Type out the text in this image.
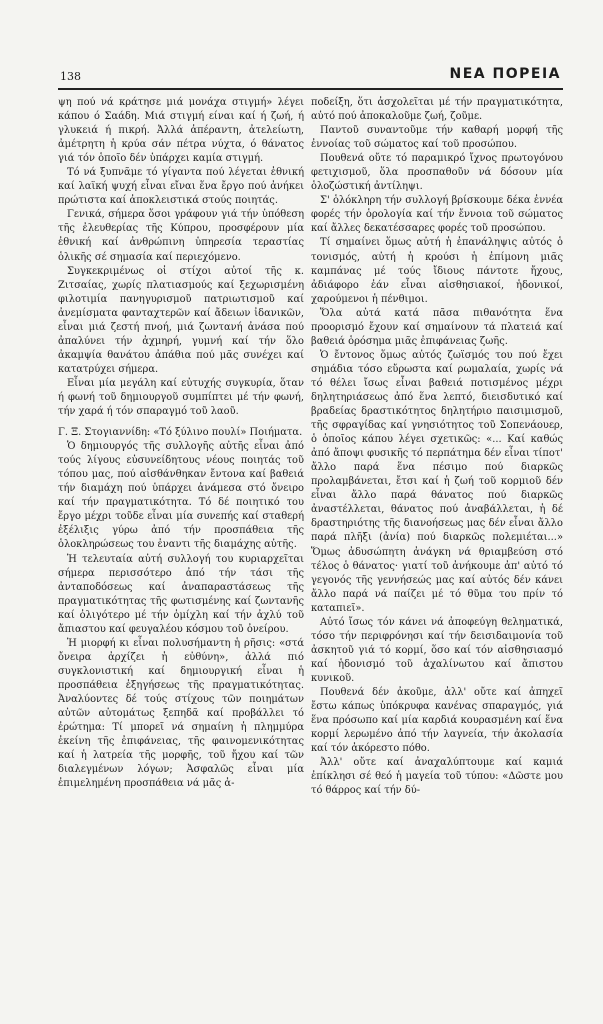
138	ΝΕΑ ΠΟΡΕΙΑ

ψη πού νά κράτησε μιά μονάχα στιγμή» λέγει κάπου ό Σαάδη. Μιά στιγμή είναι καί ή ζωή, ή γλυκειά ή πικρή. Ἀλλά ἀπέραντη, ἀτελείωτη, ἀμέτρητη ἡ κρύα σάν πέτρα νύχτα, ό θάνατος γιά τόν ὁποῖο δέν ὑπάρχει καμία στιγμή.

Τό νά ξυπνᾶμε τό γίγαντα πού λέγεται ἐθνική καί λαϊκή ψυχή εἶναι εἴναι ἕνα ἔργο πού ἀνήκει πρώτιστα καί ἀποκλειστικά στούς ποιητάς.

Γενικά, σήμερα ὅσοι γράφουν γιά τήν ὑπόθεση τῆς ἐλευθερίας τῆς Κύπρου, προσφέρουν μία ἐθνική καί ἀνθρώπινη ὑπηρεσία τεραστίας ὁλικῆς σέ σημασία καί περιεχόμενο.

Συγκεκριμένως οἱ στίχοι αὐτοί τῆς κ. Ζιτσαίας, χωρίς πλατιασμούς καί ξεχωρισμένη φιλοτιμία πανηγυρισμοῦ πατριωτισμοῦ καί ἀνεμίσματα φανταχτερῶν καί ἄδειων ἰδανικῶν, εἶναι μιά ζεστή πνοή, μιά ζωντανή ἀνάσα πού ἀπαλύνει τήν ἀχμηρή, γυμνή καί τήν ὅλο ἀκαμψία θανάτου ἀπάθια πού μᾶς συνέχει καί κατατρύχει σήμερα.

Εἶναι μία μεγάλη καί εὐτυχής συγκυρία, ὅταν ή φωνή τοῦ δημιουργοῦ συμπίπτει μέ τήν φωνή, τήν χαρά ή τόν σπαραγμό τοῦ λαοῦ.

Γ. Ξ. Στογιαννίδη: «Τό ξύλινο πουλί» Ποιήματα.

Ὁ δημιουργός τῆς συλλογῆς αὐτῆς εἶναι ἀπό τούς λίγους εὐσυνείδητους νέους ποιητάς τοῦ τόπου μας, πού αἰσθάνθηκαν ἔντονα καί βαθειά τήν διαμάχη πού ὑπάρχει ἀνάμεσα στό ὄνειρο καί τήν πραγματικότητα. Τό δέ ποιητικό του ἔργο μέχρι τοῦδε εἶναι μία συνεπής καί σταθερή ἐξέλιξις γύρω ἀπό τήν προσπάθεια τῆς ὁλοκληρώσεως του ἐναντι τῆς διαμάχης αὐτῆς.

Ἡ τελευταία αὐτή συλλογή του κυριαρχεῖται σήμερα περισσότερο ἀπό τήν τάσι τῆς ἀνταποδόσεως καί ἀναπαραστάσεως τῆς πραγματικότητας τῆς φωτισμένης καί ζωντανῆς καί ὀλιγότερο μέ τήν ὀμίχλη καί τήν ἀχλύ τοῦ ἄπιαστου καί φευγαλέου κόσμου τοῦ ὀνείρου.

Ἡ μιορφή κι εἶναι πολυσήμαντη ἡ ρῆσις: «στά ὄνειρα ἀρχίζει ἡ εὐθύνη», ἀλλά πιό συγκλονιστική καί δημιουργική εἶναι ἡ προσπάθεια ἐξηγήσεως τῆς πραγματικότητας. Ἀναλύοντες δέ τούς στίχους τῶν ποιημάτων αὐτῶν αὐτομάτως ξεπηδᾶ καί προβάλλει τό ἐρώτημα: Τί μπορεῖ νά σημαίνη ἡ πλημμύρα ἐκείνη τῆς ἐπιφάνειας, τῆς φαινομενικότητας καί ἡ λατρεία τῆς μορφῆς, τοῦ ἤχου καί τῶν διαλεγμένων λόγων; Ἀσφαλῶς εἶναι μία ἐπιμελημένη προσπάθεια νά μᾶς ἀ-

ποδείξη, ὅτι ἀσχολεῖται μέ τήν πραγματικότητα, αὐτό πού ἀποκαλοῦμε ζωή, ζοῦμε.

Παντοῦ συναντοῦμε τήν καθαρή μορφή τῆς ἐννοίας τοῦ σώματος καί τοῦ προσώπου.

Πουθενά οὔτε τό παραμικρό ἴχνος πρωτογόνου φετιχισμοῦ, ὅλα προσπαθοῦν νά δόσουν μία ὁλοζώστική ἀντίληψι.

Σ' ὁλόκληρη τήν συλλογή βρίσκουμε δέκα ἐννέα φορές τήν ὁρολογία καί τήν ἔννοια τοῦ σώματος καί ἄλλες δεκατέσσαρες φορές τοῦ προσώπου.

Τί σημαίνει ὅμως αὐτή ἡ ἐπανάληψις αὐτός ὁ τονισμός, αὐτή ἡ κρούσι ἡ ἐπίμονη μιᾶς καμπάνας μέ τούς ἴδιους πάντοτε ἤχους, ἀδιάφορο ἐάν εἶναι αἰσθησιακοί, ἡδονικοί, χαρούμενοι ἡ πένθιμοι.

Ὅλα αὐτά κατά πᾶσα πιθανότητα ἕνα προορισμό ἔχουν καί σημαίνουν τά πλατειά καί βαθειά ὁρόσημα μιᾶς ἐπιφάνειας ζωῆς.

Ὁ ἔντονος ὅμως αὐτός ζωϊσμός του πού ἔχει σημάδια τόσο εὔρωστα καί ρωμαλαία, χωρίς νά τό θέλει ἴσως εἶναι βαθειά ποτισμένος μέχρι δηλητηριάσεως ἀπό ἕνα λεπτό, διεισδυτικό καί βραδείας δραστικότητος δηλητήριο παισιμισμοῦ, τῆς σφραγίδας καί γνησιότητος τοῦ Σοπενάουερ, ὁ ὁποῖος κάπου λέγει σχετικῶς: «... Καί καθώς ἀπό ἄποψι φυσικῆς τό περπάτημα δέν εἶναι τίποτ' ἄλλο παρά ἕνα πέσιμο πού διαρκῶς προλαμβάνεται, ἔτσι καί ἡ ζωή τοῦ κορμιοῦ δέν εἶναι ἄλλο παρά θάνατος πού διαρκῶς ἀναστέλλεται, θάνατος πού ἀναβάλλεται, ἡ δέ δραστηριότης τῆς διανοήσεως μας δέν εἶναι ἄλλο παρά πλῆξι (ἀνία) πού διαρκῶς πολεμιέται...» Ὅμως ἀδυσώπητη ἀνάγκη νά θριαμβεύση στό τέλος ὁ θάνατος· γιατί τοῦ ἀνήκουμε ἀπ' αὐτό τό γεγονός τῆς γεννήσεώς μας καί αὐτός δέν κάνει ἄλλο παρά νά παίζει μέ τό θῦμα του πρίν τό καταπιεῖ».

Αὐτό ἴσως τόν κάνει νά ἀποφεύγη θεληματικά, τόσο τήν περιφρόνησι καί τήν δεισιδαιμονία τοῦ ἀσκητοῦ γιά τό κορμί, ὅσο καί τόν αἰσθησιασμό καί ἡδονισμό τοῦ ἀχαλίνωτου καί ἄπιστου κυνικοῦ.

Πουθενά δέν ἀκοῦμε, ἀλλ' οὔτε καί ἀπηχεῖ ἔστω κάπως ὑπόκρυφα κανένας σπαραγμός, γιά ἕνα πρόσωπο καί μία καρδιά κουρασμένη καί ἕνα κορμί λερωμένο ἀπό τήν λαγνεία, τήν ἀκολασία καί τόν ἀκόρεστο πόθο.

Ἀλλ' οὔτε καί ἀναχαλύπτουμε καί καμιά ἐπίκλησι σέ θεό ἡ μαγεία τοῦ τύπου: «Δῶστε μου τό θάρρος καί τήν δύ-
